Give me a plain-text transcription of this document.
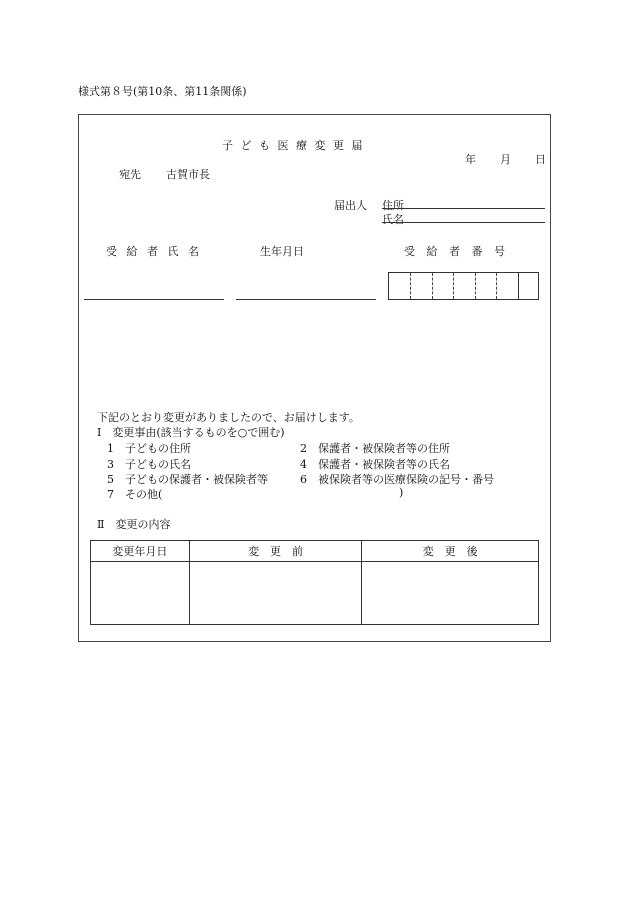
様式第８号(第10条、第11条関係)
子 ど も 医 療 変 更 届
年 月 日
宛先 古賀市長
届出人 住所
氏名
受 給 者 氏 名	生年月日	受 給 者 番 号
下記のとおり変更がありましたので、お届けします。
Ⅰ　変更事由(該当するものを○で囲む)
1　 子どもの住所	2　 保護者・被保険者等の住所
3　 子どもの氏名	4　 保護者・被保険者等の氏名
5　 子どもの保護者・被保険者等	6　 被保険者等の医療保険の記号・番号
7　 その他(	)
Ⅱ　変更の内容
変更年月日	変　更　前	変　更　後
